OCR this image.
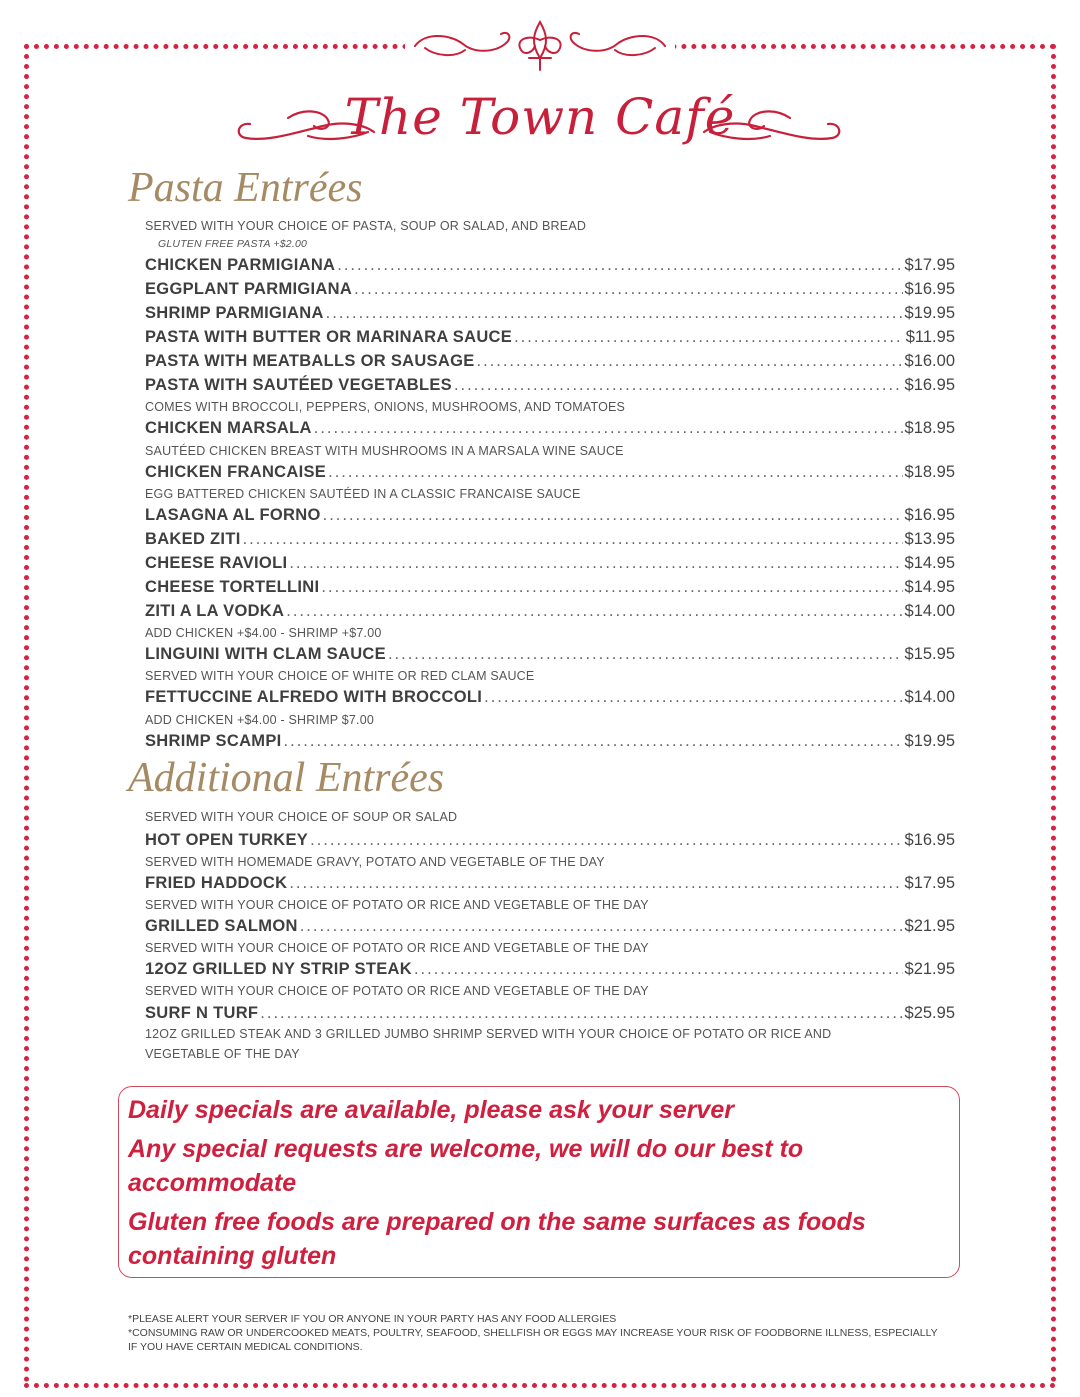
The Town Café
Pasta Entrées
SERVED WITH YOUR CHOICE OF PASTA, SOUP OR SALAD, AND BREAD
GLUTEN FREE PASTA +$2.00
CHICKEN PARMIGIANA .....	$17.95
EGGPLANT PARMIGIANA .....	$16.95
SHRIMP PARMIGIANA .....	$19.95
PASTA WITH BUTTER OR MARINARA SAUCE .....	$11.95
PASTA WITH MEATBALLS OR SAUSAGE .....	$16.00
PASTA WITH SAUTÉED VEGETABLES .....	$16.95
COMES WITH BROCCOLI, PEPPERS, ONIONS, MUSHROOMS, AND TOMATOES
CHICKEN MARSALA .....	$18.95
SAUTÉED CHICKEN BREAST WITH MUSHROOMS IN A MARSALA WINE SAUCE
CHICKEN FRANCAISE .....	$18.95
EGG BATTERED CHICKEN SAUTÉED IN A CLASSIC FRANCAISE SAUCE
LASAGNA AL FORNO .....	$16.95
BAKED ZITI .....	$13.95
CHEESE RAVIOLI .....	$14.95
CHEESE TORTELLINI .....	$14.95
ZITI A LA VODKA .....	$14.00
ADD CHICKEN +$4.00 - SHRIMP +$7.00
LINGUINI WITH CLAM SAUCE .....	$15.95
SERVED WITH YOUR CHOICE OF WHITE OR RED CLAM SAUCE
FETTUCCINE ALFREDO WITH BROCCOLI .....	$14.00
ADD CHICKEN +$4.00 - SHRIMP $7.00
SHRIMP SCAMPI .....	$19.95
Additional Entrées
SERVED WITH YOUR CHOICE OF SOUP OR SALAD
HOT OPEN TURKEY .....	$16.95
SERVED WITH HOMEMADE GRAVY, POTATO AND VEGETABLE OF THE DAY
FRIED HADDOCK .....	$17.95
SERVED WITH YOUR CHOICE OF POTATO OR RICE AND VEGETABLE OF THE DAY
GRILLED SALMON .....	$21.95
SERVED WITH YOUR CHOICE OF POTATO OR RICE AND VEGETABLE OF THE DAY
12OZ GRILLED NY STRIP STEAK .....	$21.95
SERVED WITH YOUR CHOICE OF POTATO OR RICE AND VEGETABLE OF THE DAY
SURF N TURF .....	$25.95
12OZ GRILLED STEAK AND 3 GRILLED JUMBO SHRIMP SERVED WITH YOUR CHOICE OF POTATO OR RICE AND VEGETABLE OF THE DAY
Daily specials are available, please ask your server
Any special requests are welcome, we will do our best to accommodate
Gluten free foods are prepared on the same surfaces as foods containing gluten
*PLEASE ALERT YOUR SERVER IF YOU OR ANYONE IN YOUR PARTY HAS ANY FOOD ALLERGIES
*CONSUMING RAW OR UNDERCOOKED MEATS, POULTRY, SEAFOOD, SHELLFISH OR EGGS MAY INCREASE YOUR RISK OF FOODBORNE ILLNESS, ESPECIALLY IF YOU HAVE CERTAIN MEDICAL CONDITIONS.
